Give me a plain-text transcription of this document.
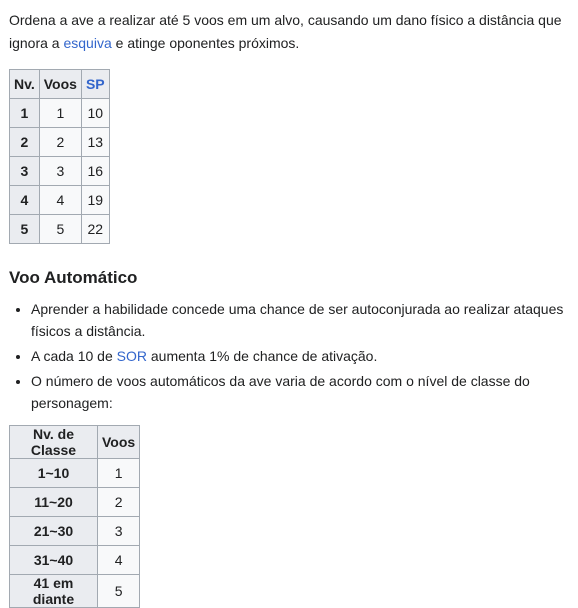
Ordena a ave a realizar até 5 voos em um alvo, causando um dano físico a distância que ignora a esquiva e atinge oponentes próximos.

Nv.	Voos	SP
1	1	10
2	2	13
3	3	16
4	4	19
5	5	22
Voo Automático
• Aprender a habilidade concede uma chance de ser autoconjurada ao realizar ataques físicos a distância.
• A cada 10 de SOR aumenta 1% de chance de ativação.
• O número de voos automáticos da ave varia de acordo com o nível de classe do personagem:
Nv. de Classe	Voos
1~10	1
11~20	2
21~30	3
31~40	4
41 em diante	5
